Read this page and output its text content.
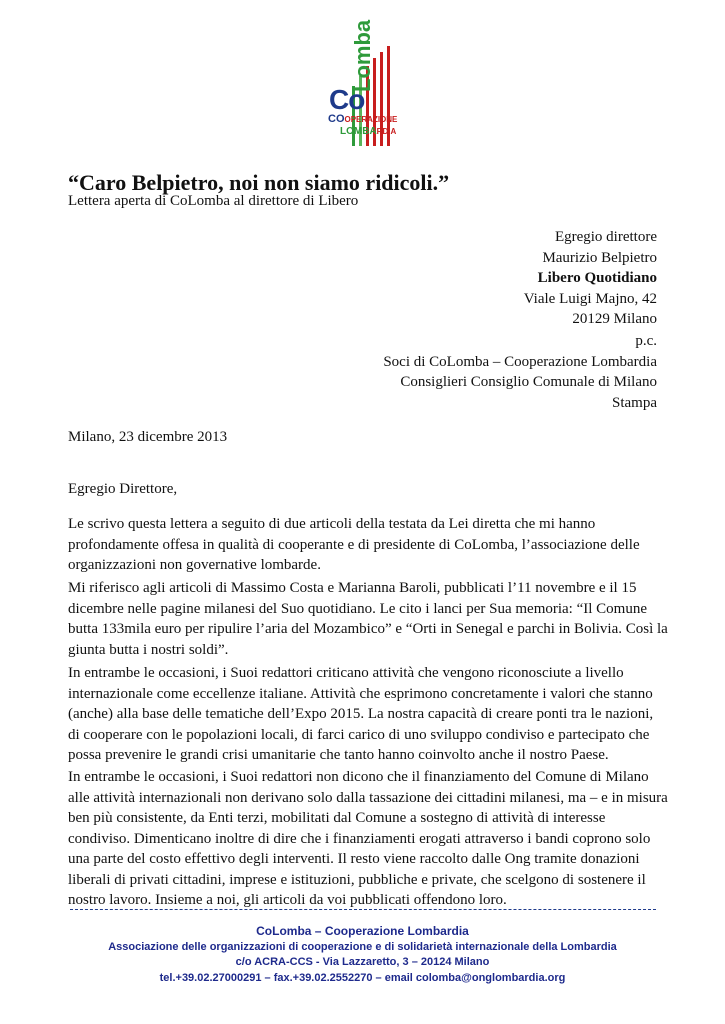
Lomba
Co
COOPERAZIONE
LOMBARDIA
“Caro Belpietro, noi non siamo ridicoli.”
Lettera aperta di CoLomba al direttore di Libero
Egregio direttore
Maurizio Belpietro
Libero Quotidiano
Viale Luigi Majno, 42
20129 Milano
p.c.
Soci di CoLomba – Cooperazione Lombardia
Consiglieri Consiglio Comunale di Milano
Stampa
Milano, 23 dicembre 2013
Egregio Direttore,

Le scrivo questa lettera a seguito di due articoli della testata da Lei diretta che mi hanno profondamente offesa in qualità di cooperante e di presidente di CoLomba, l’associazione delle organizzazioni non governative lombarde.

Mi riferisco agli articoli di Massimo Costa e Marianna Baroli, pubblicati l’11 novembre e il 15 dicembre nelle pagine milanesi del Suo quotidiano. Le cito i lanci per Sua memoria: “Il Comune butta 133mila euro per ripulire l’aria del Mozambico” e “Orti in Senegal e parchi in Bolivia. Così la giunta butta i nostri soldi”.

In entrambe le occasioni, i Suoi redattori criticano attività che vengono riconosciute a livello internazionale come eccellenze italiane. Attività che esprimono concretamente i valori che stanno (anche) alla base delle tematiche dell’Expo 2015. La nostra capacità di creare ponti tra le nazioni, di cooperare con le popolazioni locali, di farci carico di uno sviluppo condiviso e partecipato che possa prevenire le grandi crisi umanitarie che tanto hanno coinvolto anche il nostro Paese.

In entrambe le occasioni, i Suoi redattori non dicono che il finanziamento del Comune di Milano alle attività internazionali non derivano solo dalla tassazione dei cittadini milanesi, ma – e in misura ben più consistente, da Enti terzi, mobilitati dal Comune a sostegno di attività di interesse condiviso. Dimenticano inoltre di dire che i finanziamenti erogati attraverso i bandi coprono solo una parte del costo effettivo degli interventi. Il resto viene raccolto dalle Ong tramite donazioni liberali di privati cittadini, imprese e istituzioni, pubbliche e private, che scelgono di sostenere il nostro lavoro. Insieme a noi, gli articoli da voi pubblicati offendono loro.

CoLomba – Cooperazione Lombardia
Associazione delle organizzazioni di cooperazione e di solidarietà internazionale della Lombardia
c/o ACRA-CCS - Via Lazzaretto, 3 – 20124 Milano
tel.+39.02.27000291 – fax.+39.02.2552270 – email colomba@onglombardia.org
